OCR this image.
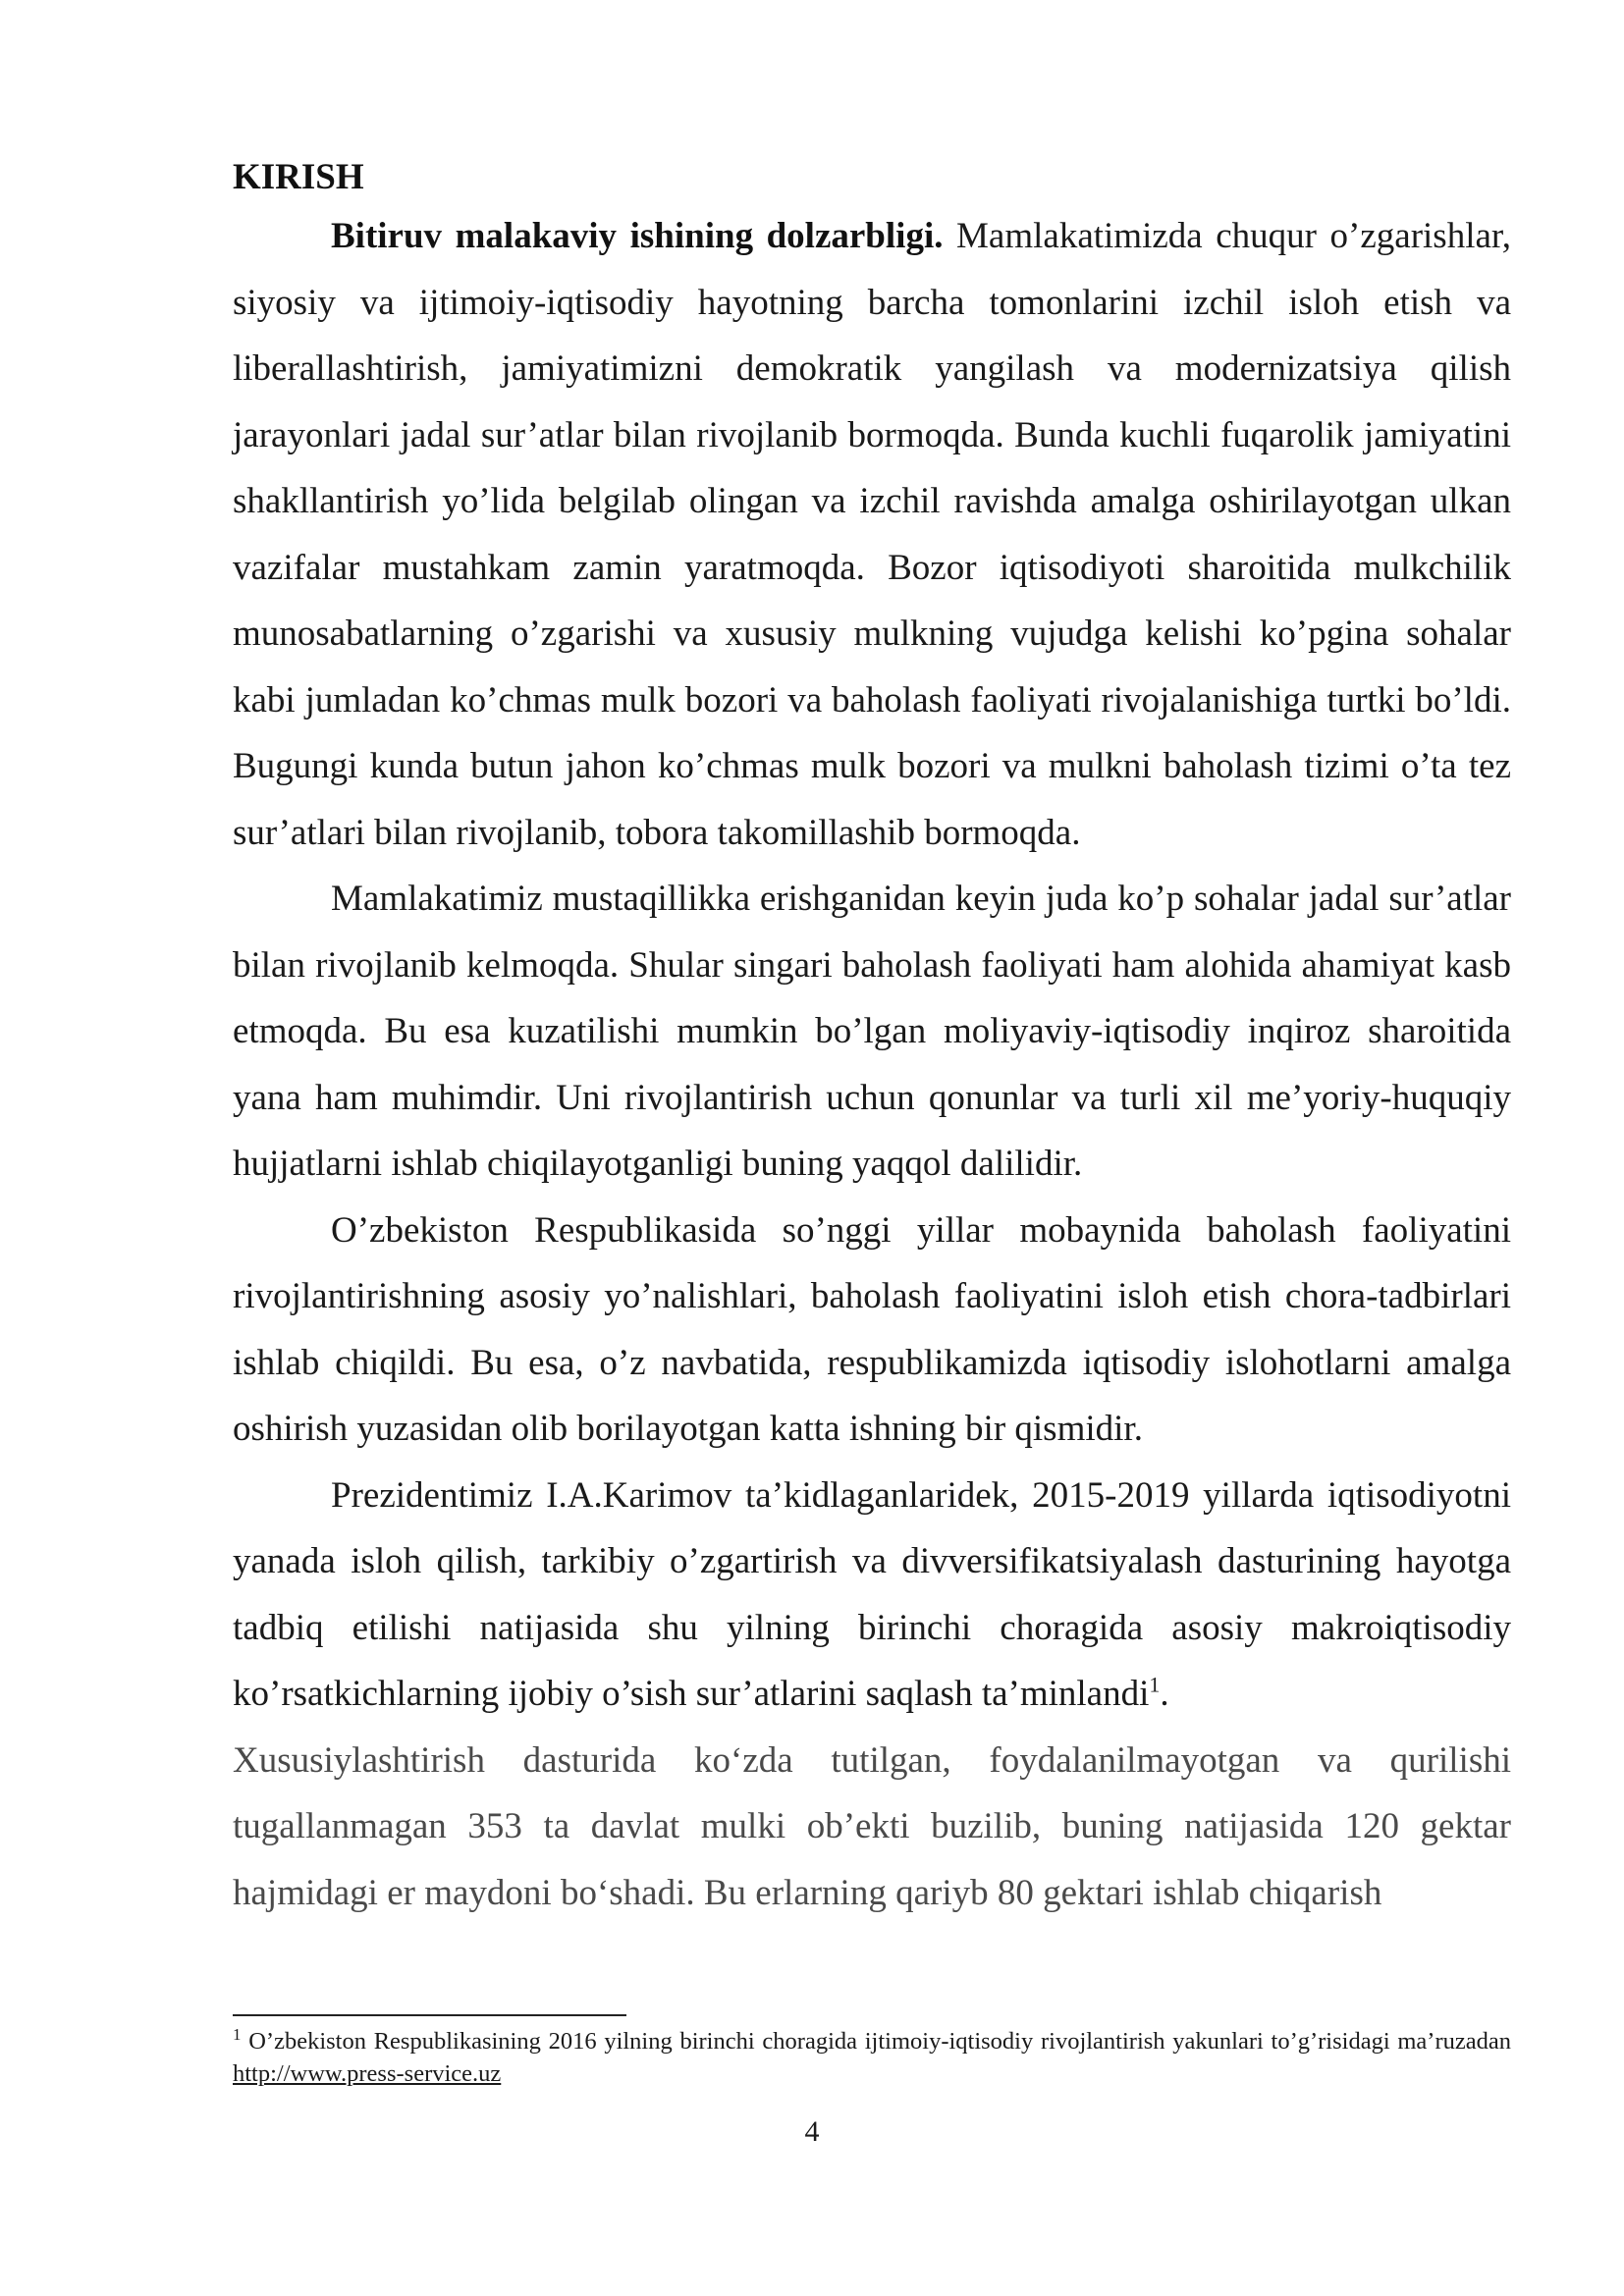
KIRISH

Bitiruv malakaviy ishining dolzarbligi. Mamlakatimizda chuqur o’zgarishlar, siyosiy va ijtimoiy-iqtisodiy hayotning barcha tomonlarini izchil isloh etish va liberallashtirish, jamiyatimizni demokratik yangilash va modernizatsiya qilish jarayonlari jadal sur’atlar bilan rivojlanib bormoqda. Bunda kuchli fuqarolik jamiyatini shakllantirish yo’lida belgilab olingan va izchil ravishda amalga oshirilayotgan ulkan vazifalar mustahkam zamin yaratmoqda. Bozor iqtisodiyoti sharoitida mulkchilik munosabatlarning o’zgarishi va xususiy mulkning vujudga kelishi ko’pgina sohalar kabi jumladan ko’chmas mulk bozori va baholash faoliyati rivojalanishiga turtki bo’ldi. Bugungi kunda butun jahon ko’chmas mulk bozori va mulkni baholash tizimi o’ta tez sur’atlari bilan rivojlanib, tobora takomillashib bormoqda.

Mamlakatimiz mustaqillikka erishganidan keyin juda ko’p sohalar jadal sur’atlar bilan rivojlanib kelmoqda. Shular singari baholash faoliyati ham alohida ahamiyat kasb etmoqda. Bu esa kuzatilishi mumkin bo’lgan moliyaviy-iqtisodiy inqiroz sharoitida yana ham muhimdir. Uni rivojlantirish uchun qonunlar va turli xil me’yoriy-huquqiy hujjatlarni ishlab chiqilayotganligi buning yaqqol dalilidir.

O’zbekiston Respublikasida so’nggi yillar mobaynida baholash faoliyatini rivojlantirishning asosiy yo’nalishlari, baholash faoliyatini isloh etish chora-tadbirlari ishlab chiqildi. Bu esa, o’z navbatida, respublikamizda iqtisodiy islohotlarni amalga oshirish yuzasidan olib borilayotgan katta ishning bir qismidir.

Prezidentimiz I.A.Karimov ta’kidlaganlaridek, 2015-2019 yillarda iqtisodiyotni yanada isloh qilish, tarkibiy o’zgartirish va divversifikatsiyalash dasturining hayotga tadbiq etilishi natijasida shu yilning birinchi choragida asosiy makroiqtisodiy ko’rsatkichlarning ijobiy o’sish sur’atlarini saqlash ta’minlandi$^1$.

Xususiylashtirish dasturida ko‘zda tutilgan, foydalanilmayotgan va qurilishi tugallanmagan 353 ta davlat mulki ob’ekti buzilib, buning natijasida 120 gektar hajmidagi er maydoni bo‘shadi. Bu erlarning qariyb 80 gektari ishlab chiqarish

$^1$ O’zbekiston Respublikasining 2016 yilning birinchi choragida ijtimoiy-iqtisodiy rivojlantirish yakunlari to’g’risidagi ma’ruzadan http://www.press-service.uz

4
